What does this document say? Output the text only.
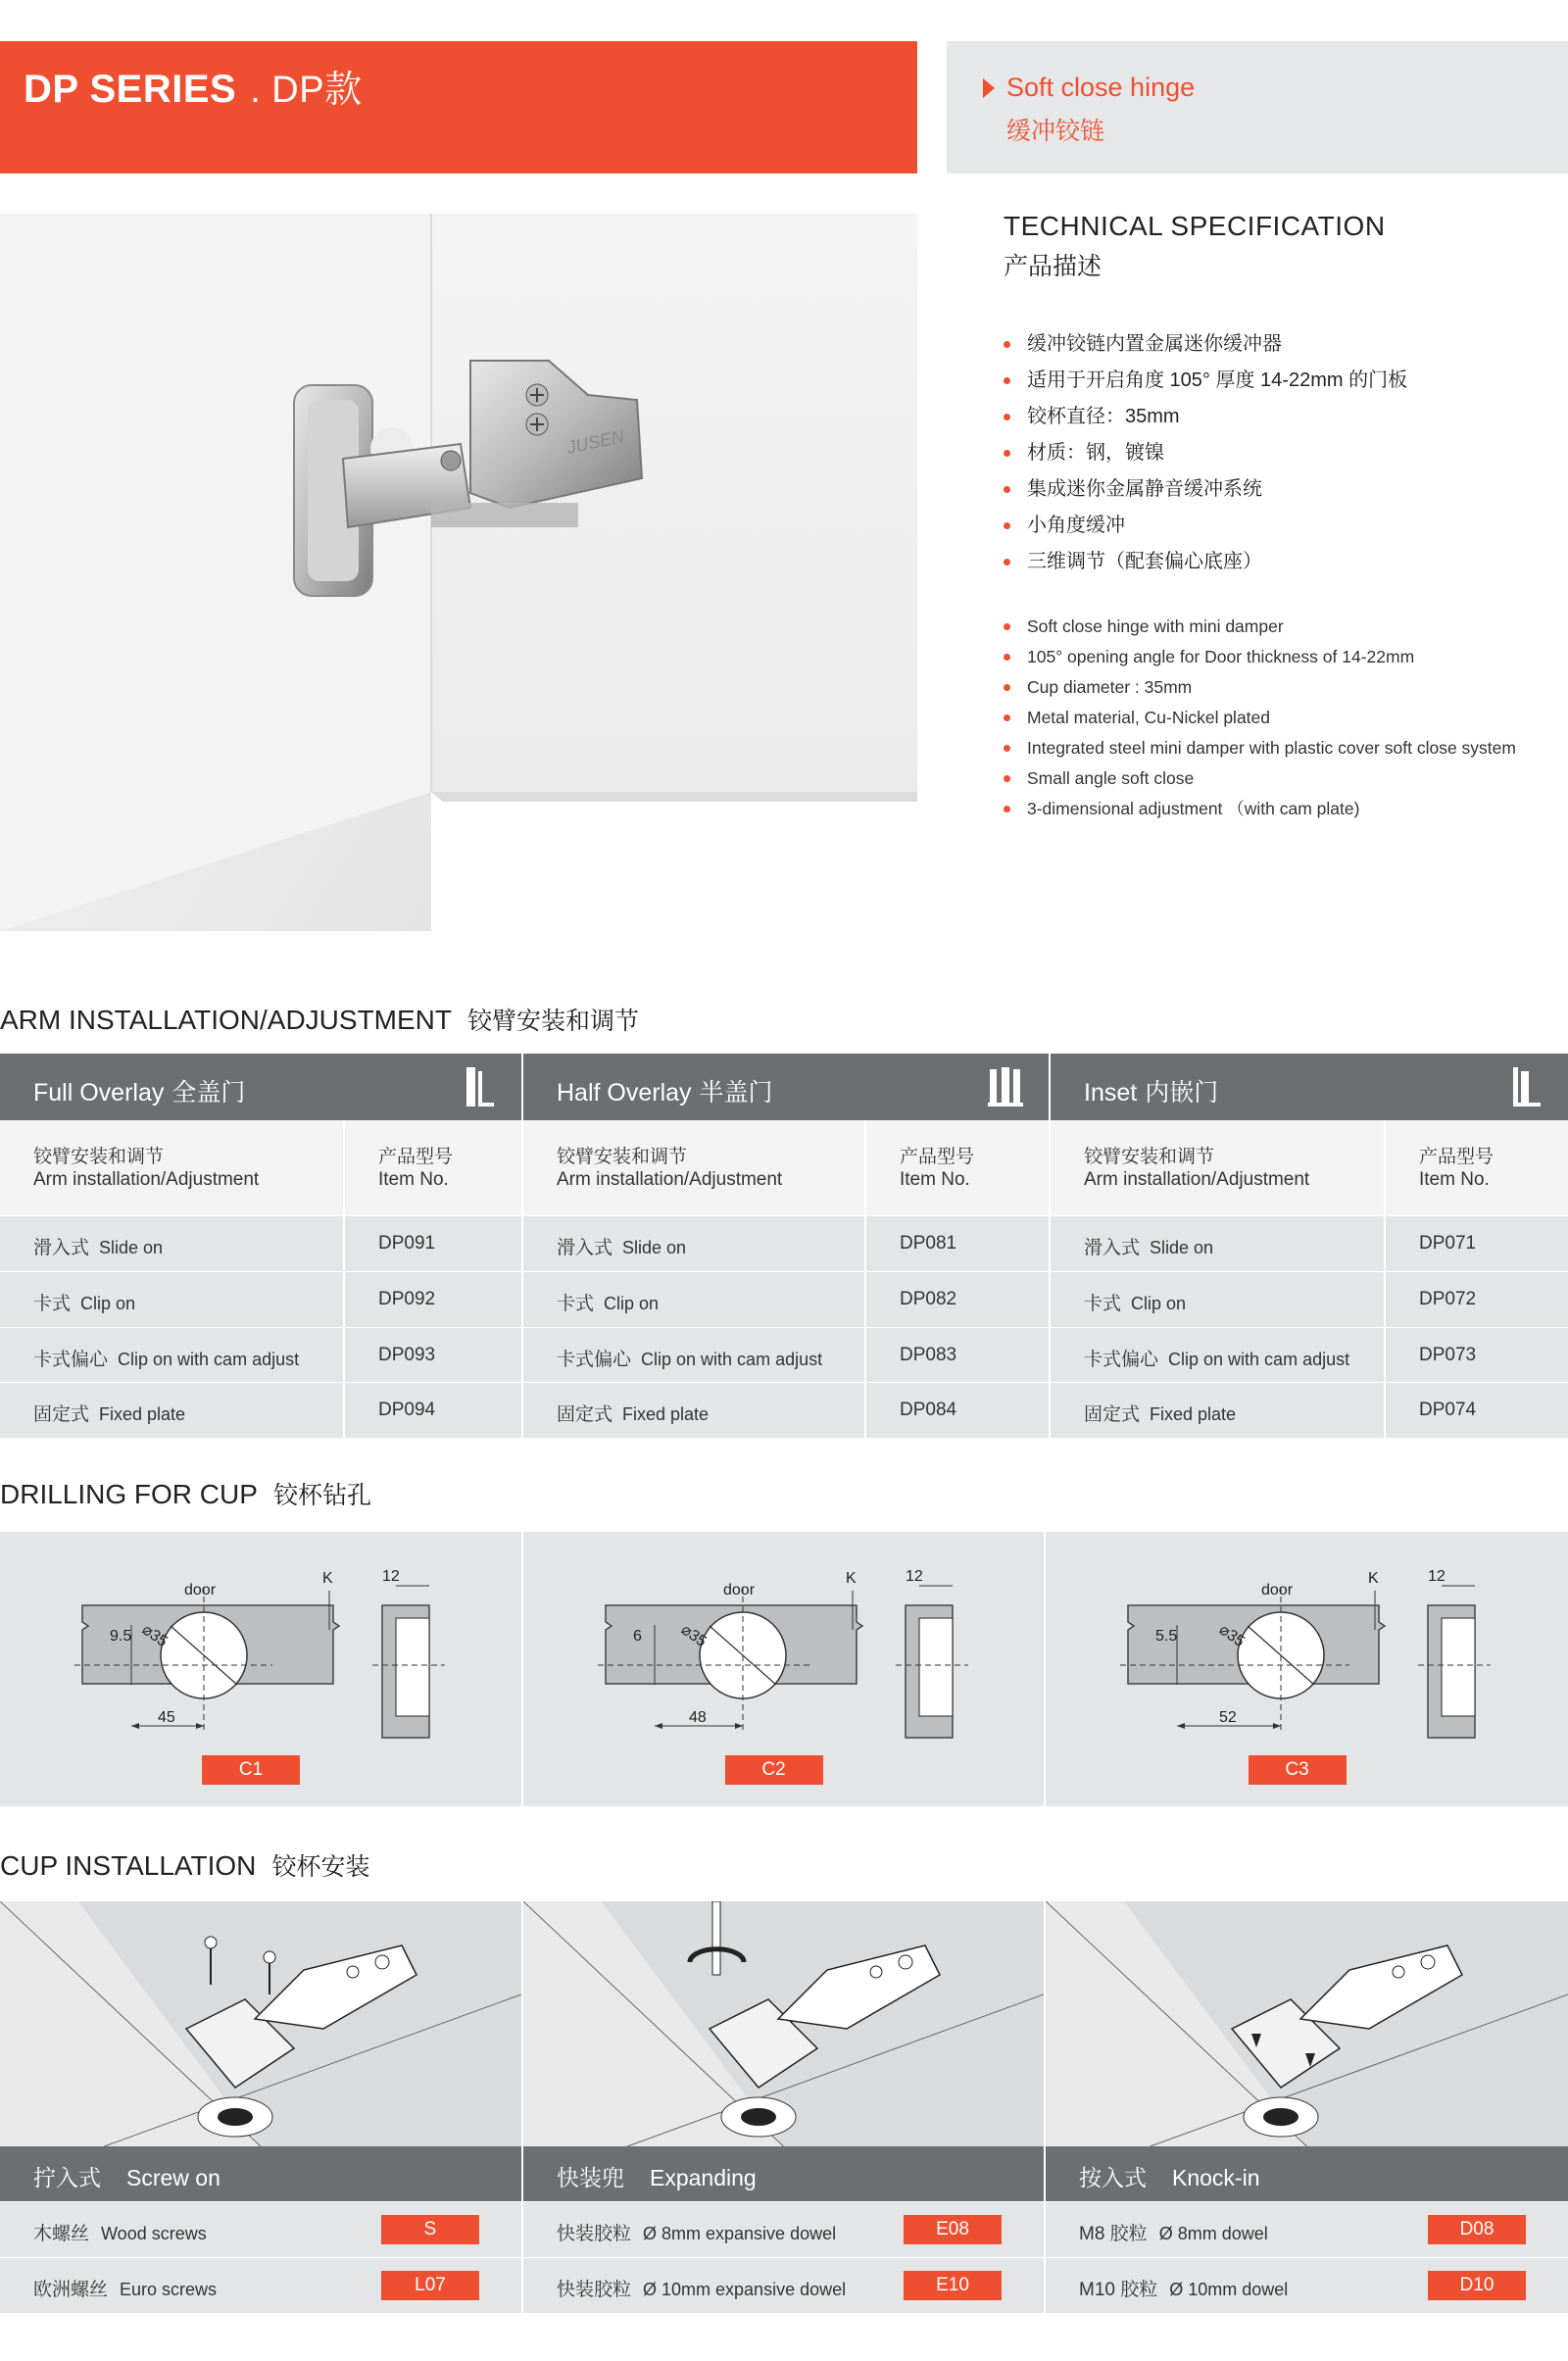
DP SERIES . DP款	Soft close hinge
缓冲铰链
JUSEN
TECHNICAL SPECIFICATION
产品描述
缓冲铰链内置金属迷你缓冲器
适用于开启角度 105° 厚度 14-22mm 的门板
铰杯直径：35mm
材质：钢，镀镍
集成迷你金属静音缓冲系统
小角度缓冲
三维调节（配套偏心底座）
Soft close hinge with mini damper
105° opening angle for Door thickness of 14-22mm
Cup diameter : 35mm
Metal material, Cu-Nickel plated
Integrated steel mini damper with plastic cover soft close system
Small angle soft close
3-dimensional adjustment （with cam plate)
ARM INSTALLATION/ADJUSTMENT 铰臂安装和调节
Full Overlay 全盖门
铰臂安装和调节
Arm installation/Adjustment
产品型号
Item No.
滑入式 Slide on	DP091
卡式 Clip on	DP092
卡式偏心 Clip on with cam adjust	DP093
固定式 Fixed plate	DP094
Half Overlay 半盖门
铰臂安装和调节
Arm installation/Adjustment
产品型号
Item No.
滑入式 Slide on	DP081
卡式 Clip on	DP082
卡式偏心 Clip on with cam adjust	DP083
固定式 Fixed plate	DP084
Inset 内嵌门
铰臂安装和调节
Arm installation/Adjustment
产品型号
Item No.
滑入式 Slide on	DP071
卡式 Clip on	DP072
卡式偏心 Clip on with cam adjust	DP073
固定式 Fixed plate	DP074
DRILLING FOR CUP 铰杯钻孔
door
K
⌀35
9.5
45
12
C1
door
K
⌀35
6
48
12
C2
door
K
⌀35
5.5
52
12
C3
CUP INSTALLATION 铰杯安装
拧入式 Screw on
木螺丝 Wood screws	S
欧洲螺丝 Euro screws	L07
快装兜 Expanding
快装胶粒 Ø 8mm expansive dowel	E08
快装胶粒 Ø 10mm expansive dowel	E10
按入式 Knock-in
M8 胶粒 Ø 8mm dowel	D08
M10 胶粒 Ø 10mm dowel	D10
